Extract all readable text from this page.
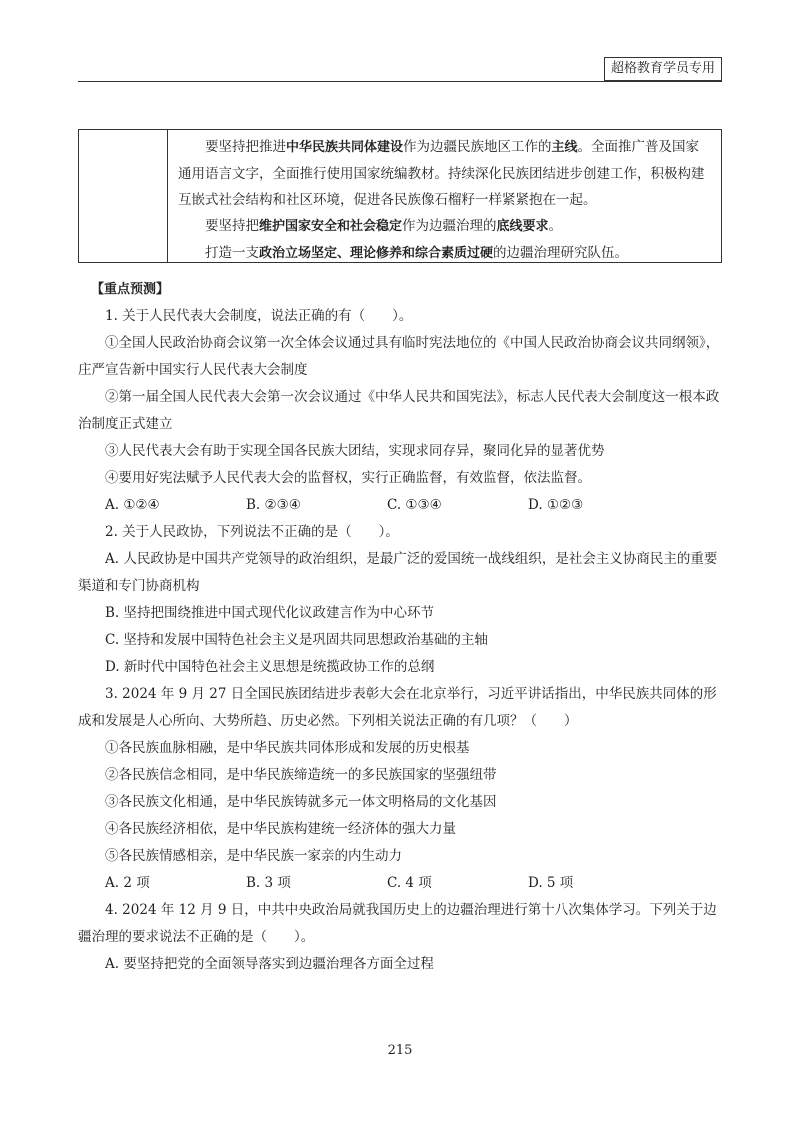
超格教育学员专用

要坚持把推进中华民族共同体建设作为边疆民族地区工作的主线。全面推广普及国家通用语言文字，全面推行使用国家统编教材。持续深化民族团结进步创建工作，积极构建互嵌式社会结构和社区环境，促进各民族像石榴籽一样紧紧抱在一起。

要坚持把维护国家安全和社会稳定作为边疆治理的底线要求。

打造一支政治立场坚定、理论修养和综合素质过硬的边疆治理研究队伍。

【重点预测】

1. 关于人民代表大会制度，说法正确的有（　　）。

①全国人民政治协商会议第一次全体会议通过具有临时宪法地位的《中国人民政治协商会议共同纲领》，庄严宣告新中国实行人民代表大会制度

②第一届全国人民代表大会第一次会议通过《中华人民共和国宪法》，标志人民代表大会制度这一根本政治制度正式建立

③人民代表大会有助于实现全国各民族大团结，实现求同存异，聚同化异的显著优势

④要用好宪法赋予人民代表大会的监督权，实行正确监督，有效监督，依法监督。

A. ①②④	B. ②③④	C. ①③④	D. ①②③

2. 关于人民政协，下列说法不正确的是（　　）。

A. 人民政协是中国共产党领导的政治组织，是最广泛的爱国统一战线组织，是社会主义协商民主的重要渠道和专门协商机构

B. 坚持把围绕推进中国式现代化议政建言作为中心环节

C. 坚持和发展中国特色社会主义是巩固共同思想政治基础的主轴

D. 新时代中国特色社会主义思想是统揽政协工作的总纲

3. 2024 年 9 月 27 日全国民族团结进步表彰大会在北京举行，习近平讲话指出，中华民族共同体的形成和发展是人心所向、大势所趋、历史必然。下列相关说法正确的有几项？（　　）

①各民族血脉相融，是中华民族共同体形成和发展的历史根基

②各民族信念相同，是中华民族缔造统一的多民族国家的坚强纽带

③各民族文化相通，是中华民族铸就多元一体文明格局的文化基因

④各民族经济相依，是中华民族构建统一经济体的强大力量

⑤各民族情感相亲，是中华民族一家亲的内生动力

A. 2 项	B. 3 项	C. 4 项	D. 5 项

4. 2024 年 12 月 9 日，中共中央政治局就我国历史上的边疆治理进行第十八次集体学习。下列关于边疆治理的要求说法不正确的是（　　）。

A. 要坚持把党的全面领导落实到边疆治理各方面全过程

215
